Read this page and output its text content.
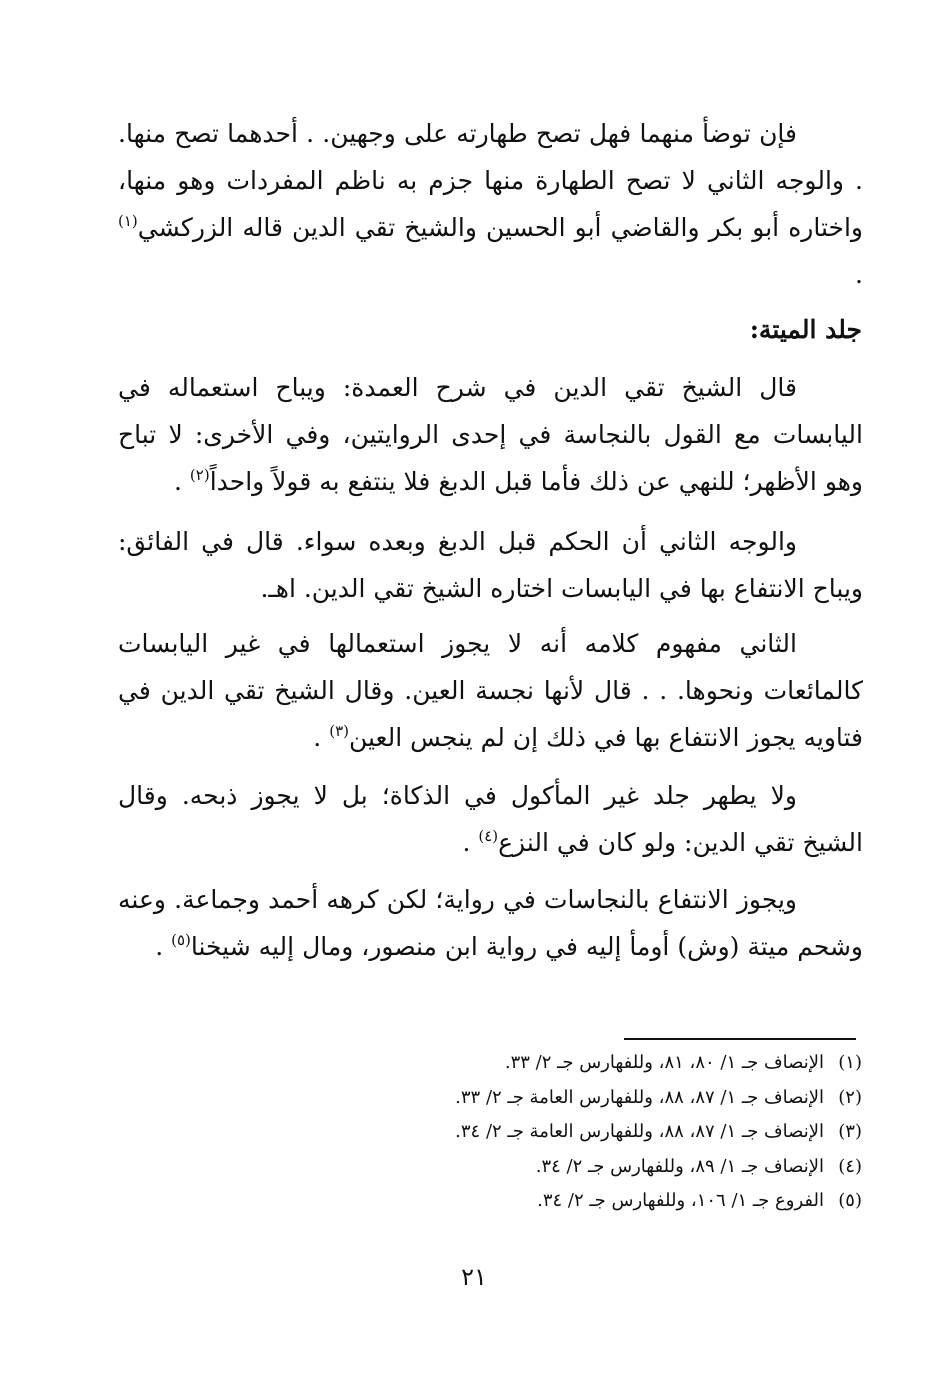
فإن توضأ منهما فهل تصح طهارته على وجهين. . أحدهما تصح منها. . والوجه الثاني لا تصح الطهارة منها جزم به ناظم المفردات وهو منها، واختاره أبو بكر والقاضي أبو الحسين والشيخ تقي الدين قاله الزركشي$^{(١)}$ .

جلد الميتة:

قال الشيخ تقي الدين في شرح العمدة: ويباح استعماله في اليابسات مع القول بالنجاسة في إحدى الروايتين، وفي الأخرى: لا تباح وهو الأظهر؛ للنهي عن ذلك فأما قبل الدبغ فلا ينتفع به قولاً واحداً$^{(٢)}$ .

والوجه الثاني أن الحكم قبل الدبغ وبعده سواء. قال في الفائق: ويباح الانتفاع بها في اليابسات اختاره الشيخ تقي الدين. اهـ.

الثاني مفهوم كلامه أنه لا يجوز استعمالها في غير اليابسات كالمائعات ونحوها. . . قال لأنها نجسة العين. وقال الشيخ تقي الدين في فتاويه يجوز الانتفاع بها في ذلك إن لم ينجس العين$^{(٣)}$ .

ولا يطهر جلد غير المأكول في الذكاة؛ بل لا يجوز ذبحه. وقال الشيخ تقي الدين: ولو كان في النزع$^{(٤)}$ .

ويجوز الانتفاع بالنجاسات في رواية؛ لكن كرهه أحمد وجماعة. وعنه وشحم ميتة (وش) أومأ إليه في رواية ابن منصور، ومال إليه شيخنا$^{(٥)}$ .

(١)الإنصاف جـ ١/ ٨٠، ٨١، وللفهارس جـ ٢/ ٣٣.
(٢)الإنصاف جـ ١/ ٨٧، ٨٨، وللفهارس العامة جـ ٢/ ٣٣.
(٣)الإنصاف جـ ١/ ٨٧، ٨٨، وللفهارس العامة جـ ٢/ ٣٤.
(٤)الإنصاف جـ ١/ ٨٩، وللفهارس جـ ٢/ ٣٤.
(٥)الفروع جـ ١/ ١٠٦، وللفهارس جـ ٢/ ٣٤.
٢١
